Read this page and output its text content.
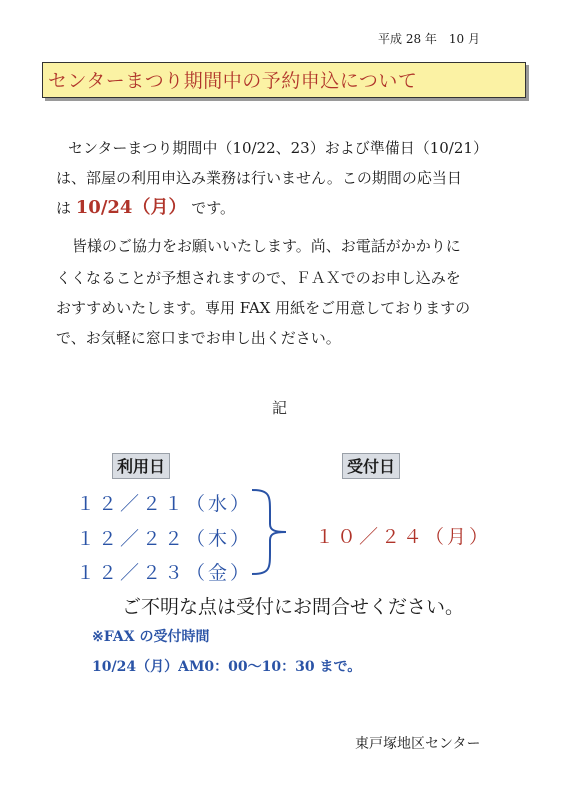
平成 28 年　10 月
センターまつり期間中の予約申込について
センターまつり期間中（10/22、23）および準備日（10/21）
は、部屋の利用申込み業務は行いません。この期間の応当日
は 10/24（月） です。
皆様のご協力をお願いいたします。尚、お電話がかかりに
くくなることが予想されますので、ＦＡＸでのお申し込みを
おすすめいたします。専用 FAX 用紙をご用意しておりますの
で、お気軽に窓口までお申し出ください。
記
利用日	受付日
１２／２１（水）
１２／２２（木）
１２／２３（金）
１０／２４（月）
ご不明な点は受付にお問合せください。
※FAX の受付時間
10/24（月）AM0：00〜10：30 まで。
東戸塚地区センター
